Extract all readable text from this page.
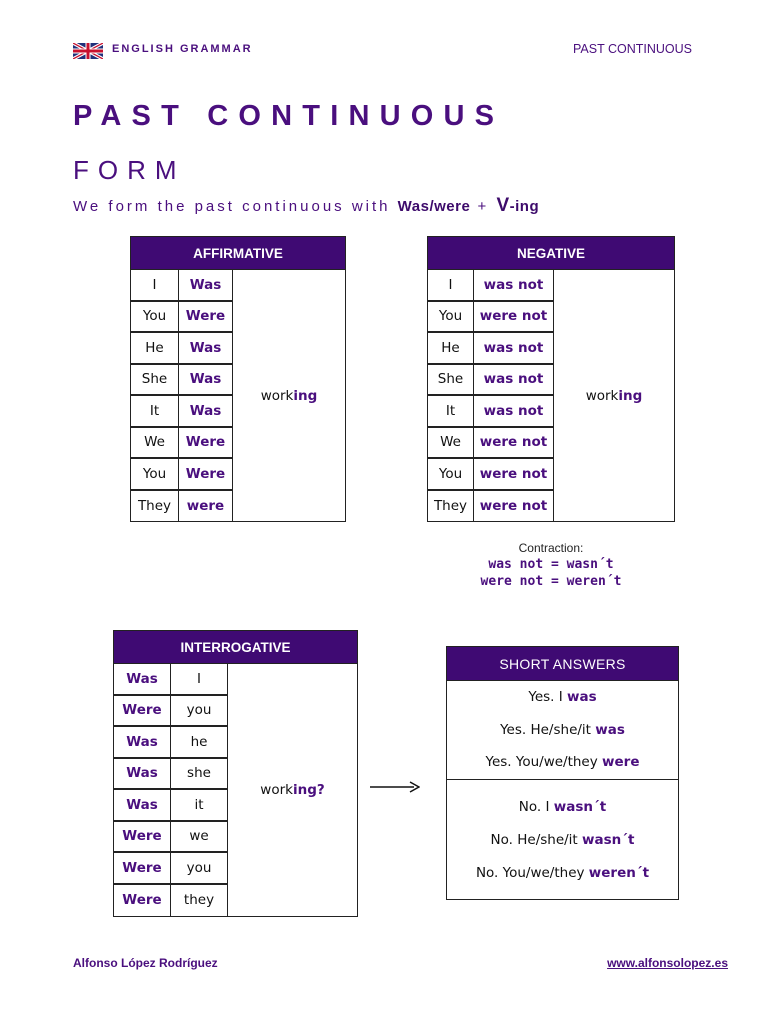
ENGLISH GRAMMAR	PAST CONTINUOUS
PAST CONTINUOUS
FORM
We form the past continuous with Was/were + V-ing
AFFIRMATIVE
I	Was
You	Were
He	Was
She	Was
It	Was
We	Were
You	Were
They	were
work ing
NEGATIVE
I	was not
You	were not
He	was not
She	was not
It	was not
We	were not
You	were not
They were not
work ing
Contraction:
was not = wasn´t
were not = weren´t
INTERROGATIVE
Was	I
Were	you
Was	he
Was	she
Was	it
Were	we
Were	you
Were	they
work ing ?
SHORT ANSWERS
Yes. I was
Yes. He/she/it was
Yes. You/we/they were
No. I wasn´t
No. He/she/it wasn´t
No. You/we/they weren´t
Alfonso López Rodríguez	www.alfonsolopez.es
